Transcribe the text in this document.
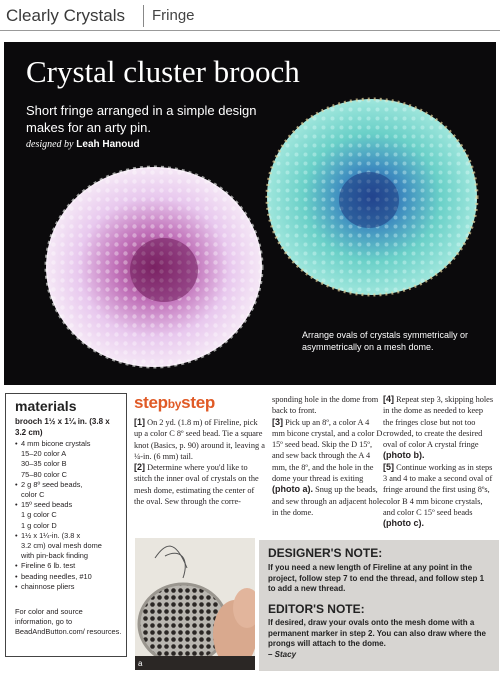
Clearly Crystals Fringe
Crystal cluster brooch
Short fringe arranged in a simple design makes for an arty pin.
designed by Leah Hanoud
Arrange ovals of crystals symmetrically or asymmetrically on a mesh dome.
materials
brooch 1½ x 1¼ in. (3.8 x 3.2 cm)
• 4 mm bicone crystals
15–20 color A
30–35 color B
75–80 color C
• 2 g 8º seed beads,
color C
• 15º seed beads
1 g color C
1 g color D
• 1½ x 1¼-in. (3.8 x
3.2 cm) oval mesh dome
with pin-back finding
• Fireline 6 lb. test
• beading needles, #10
• chainnose pliers
For color and source information, go to BeadAndButton.com/ resources.
stepbystep

[1] On 2 yd. (1.8 m) of Fireline, pick up a color C 8º seed bead. Tie a square knot (Basics, p. 90) around it, leaving a ¼-in. (6 mm) tail.

[2] Determine where you'd like to stitch the inner oval of crystals on the mesh dome, estimating the center of the oval. Sew through the corre-

sponding hole in the dome from back to front.

[3] Pick up an 8º, a color A 4 mm bicone crystal, and a color D 15º seed bead. Skip the D 15º, and sew back through the A 4 mm, the 8º, and the hole in the dome your thread is exiting (photo a). Snug up the beads, and sew through an adjacent hole in the dome.

[4] Repeat step 3, skipping holes in the dome as needed to keep the fringes close but not too crowded, to create the desired oval of color A crystal fringe (photo b).

[5] Continue working as in steps 3 and 4 to make a second oval of fringe around the first using 8ºs, color B 4 mm bicone crystals, and color C 15º seed beads (photo c).

a
DESIGNER'S NOTE:
If you need a new length of Fireline at any point in the project, follow step 7 to end the thread, and follow step 1 to add a new thread.
EDITOR'S NOTE:
If desired, draw your ovals onto the mesh dome with a permanent marker in step 2. You can also draw where the prongs will attach to the dome.
– Stacy
